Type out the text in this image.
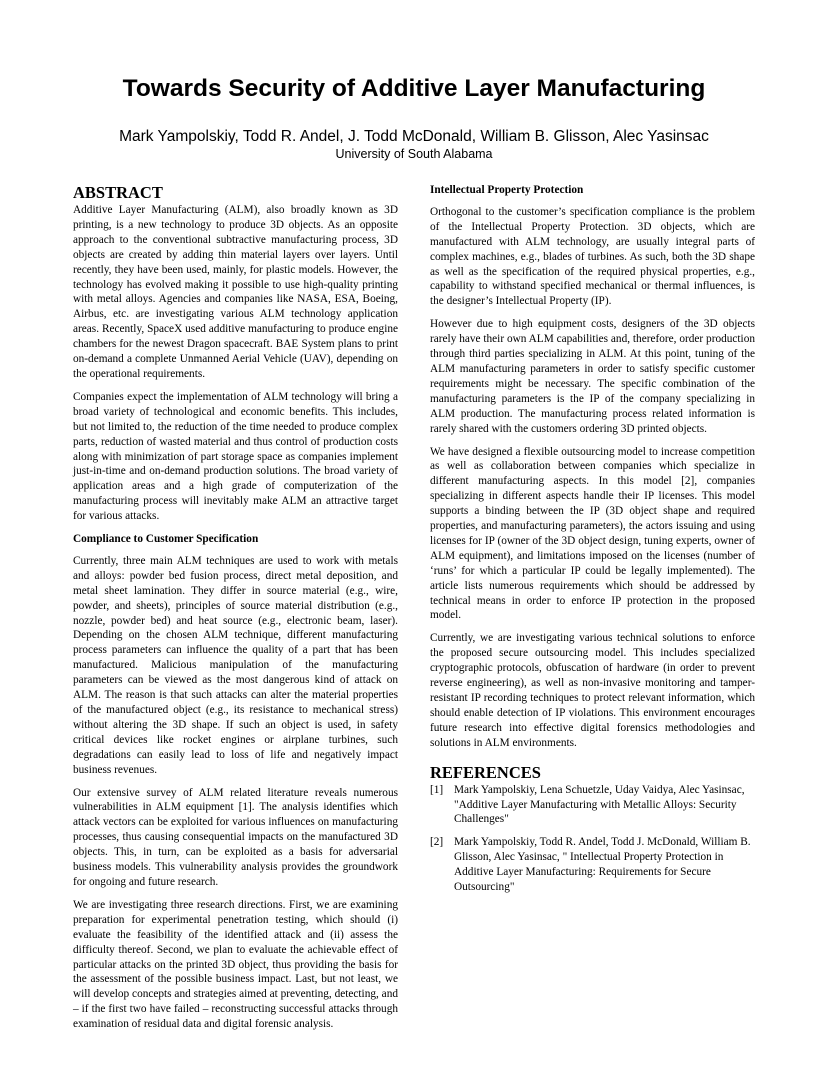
Towards Security of Additive Layer Manufacturing
Mark Yampolskiy, Todd R. Andel, J. Todd McDonald, William B. Glisson, Alec Yasinsac
University of South Alabama
ABSTRACT

Additive Layer Manufacturing (ALM), also broadly known as 3D printing, is a new technology to produce 3D objects. As an opposite approach to the conventional subtractive manufacturing process, 3D objects are created by adding thin material layers over layers. Until recently, they have been used, mainly, for plastic models. However, the technology has evolved making it possible to use high-quality printing with metal alloys. Agencies and companies like NASA, ESA, Boeing, Airbus, etc. are investigating various ALM technology application areas. Recently, SpaceX used additive manufacturing to produce engine chambers for the newest Dragon spacecraft. BAE System plans to print on-demand a complete Unmanned Aerial Vehicle (UAV), depending on the operational requirements.

Companies expect the implementation of ALM technology will bring a broad variety of technological and economic benefits. This includes, but not limited to, the reduction of the time needed to produce complex parts, reduction of wasted material and thus control of production costs along with minimization of part storage space as companies implement just-in-time and on-demand production solutions. The broad variety of application areas and a high grade of computerization of the manufacturing process will inevitably make ALM an attractive target for various attacks.

Compliance to Customer Specification

Currently, three main ALM techniques are used to work with metals and alloys: powder bed fusion process, direct metal deposition, and metal sheet lamination. They differ in source material (e.g., wire, powder, and sheets), principles of source material distribution (e.g., nozzle, powder bed) and heat source (e.g., electronic beam, laser). Depending on the chosen ALM technique, different manufacturing process parameters can influence the quality of a part that has been manufactured. Malicious manipulation of the manufacturing parameters can be viewed as the most dangerous kind of attack on ALM. The reason is that such attacks can alter the material properties of the manufactured object (e.g., its resistance to mechanical stress) without altering the 3D shape. If such an object is used, in safety critical devices like rocket engines or airplane turbines, such degradations can easily lead to loss of life and negatively impact business revenues.

Our extensive survey of ALM related literature reveals numerous vulnerabilities in ALM equipment [1]. The analysis identifies which attack vectors can be exploited for various influences on manufacturing processes, thus causing consequential impacts on the manufactured 3D objects. This, in turn, can be exploited as a basis for adversarial business models. This vulnerability analysis provides the groundwork for ongoing and future research.

We are investigating three research directions. First, we are examining preparation for experimental penetration testing, which should (i) evaluate the feasibility of the identified attack and (ii) assess the difficulty thereof. Second, we plan to evaluate the achievable effect of particular attacks on the printed 3D object, thus providing the basis for the assessment of the possible business impact. Last, but not least, we will develop concepts and strategies aimed at preventing, detecting, and – if the first two have failed – reconstructing successful attacks through examination of residual data and digital forensic analysis.

Intellectual Property Protection

Orthogonal to the customer’s specification compliance is the problem of the Intellectual Property Protection. 3D objects, which are manufactured with ALM technology, are usually integral parts of complex machines, e.g., blades of turbines. As such, both the 3D shape as well as the specification of the required physical properties, e.g., capability to withstand specified mechanical or thermal influences, is the designer’s Intellectual Property (IP).

However due to high equipment costs, designers of the 3D objects rarely have their own ALM capabilities and, therefore, order production through third parties specializing in ALM. At this point, tuning of the ALM manufacturing parameters in order to satisfy specific customer requirements might be necessary. The specific combination of the manufacturing parameters is the IP of the company specializing in ALM production. The manufacturing process related information is rarely shared with the customers ordering 3D printed objects.

We have designed a flexible outsourcing model to increase competition as well as collaboration between companies which specialize in different manufacturing aspects. In this model [2], companies specializing in different aspects handle their IP licenses. This model supports a binding between the IP (3D object shape and required properties, and manufacturing parameters), the actors issuing and using licenses for IP (owner of the 3D object design, tuning experts, owner of ALM equipment), and limitations imposed on the licenses (number of ‘runs’ for which a particular IP could be legally implemented). The article lists numerous requirements which should be addressed by technical means in order to enforce IP protection in the proposed model.

Currently, we are investigating various technical solutions to enforce the proposed secure outsourcing model. This includes specialized cryptographic protocols, obfuscation of hardware (in order to prevent reverse engineering), as well as non-invasive monitoring and tamper-resistant IP recording techniques to protect relevant information, which should enable detection of IP violations. This environment encourages future research into effective digital forensics methodologies and solutions in ALM environments.

REFERENCES
[1] Mark Yampolskiy, Lena Schuetzle, Uday Vaidya, Alec Yasinsac, "Additive Layer Manufacturing with Metallic Alloys: Security Challenges"
[2] Mark Yampolskiy, Todd R. Andel, Todd J. McDonald, William B. Glisson, Alec Yasinsac, " Intellectual Property Protection in Additive Layer Manufacturing: Requirements for Secure Outsourcing"
